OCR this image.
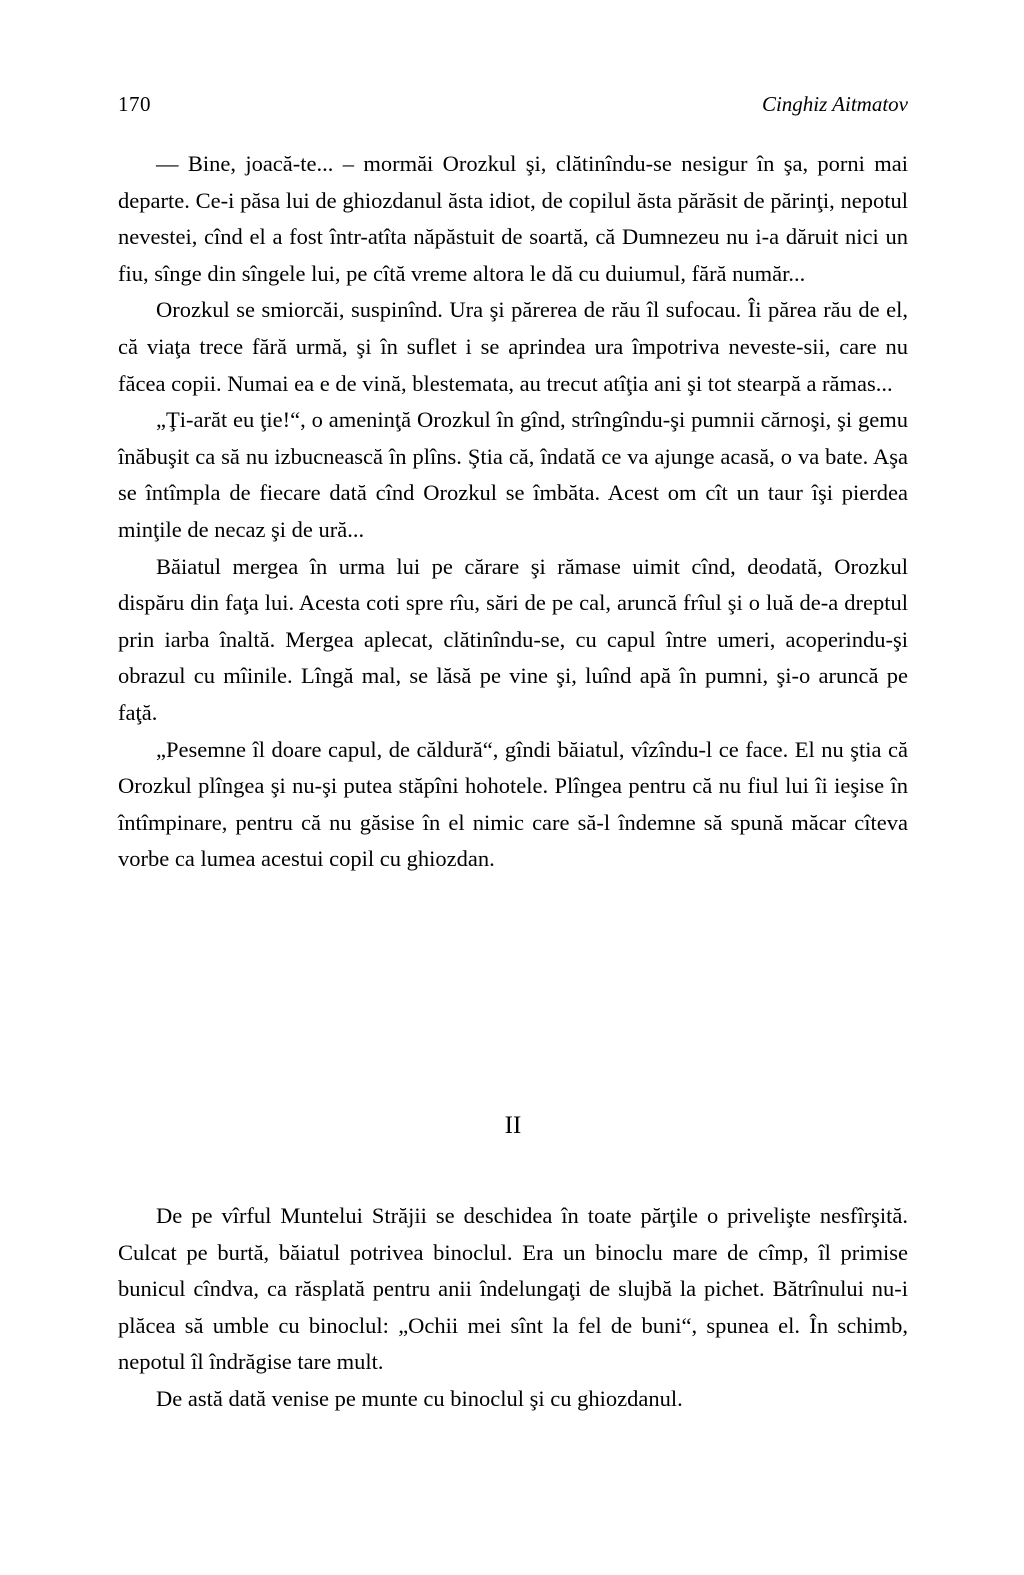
170	Cinghiz Aitmatov

— Bine, joacă-te... – mormăi Orozkul şi, clătinîndu-se nesigur în şa, porni mai departe. Ce-i păsa lui de ghiozdanul ăsta idiot, de copilul ăsta părăsit de părinţi, nepotul nevestei, cînd el a fost într-atîta năpăstuit de soartă, că Dumnezeu nu i-a dăruit nici un fiu, sînge din sîngele lui, pe cîtă vreme altora le dă cu duiumul, fără număr...

Orozkul se smiorcăi, suspinînd. Ura şi părerea de rău îl sufocau. Îi părea rău de el, că viaţa trece fără urmă, şi în suflet i se aprindea ura împotriva neveste-sii, care nu făcea copii. Numai ea e de vină, blestemata, au trecut atîţia ani şi tot stearpă a rămas...

„Ţi-arăt eu ţie!“, o ameninţă Orozkul în gînd, strîngîndu-şi pumnii cărnoşi, şi gemu înăbuşit ca să nu izbucnească în plîns. Ştia că, îndată ce va ajunge acasă, o va bate. Aşa se întîmpla de fiecare dată cînd Orozkul se îmbăta. Acest om cît un taur îşi pierdea minţile de necaz şi de ură...

Băiatul mergea în urma lui pe cărare şi rămase uimit cînd, deodată, Orozkul dispăru din faţa lui. Acesta coti spre rîu, sări de pe cal, aruncă frîul şi o luă de-a dreptul prin iarba înaltă. Mergea aplecat, clătinîndu-se, cu capul între umeri, acoperindu-şi obrazul cu mîinile. Lîngă mal, se lăsă pe vine şi, luînd apă în pumni, şi-o aruncă pe faţă.

„Pesemne îl doare capul, de căldură“, gîndi băiatul, vîzîndu-l ce face. El nu ştia că Orozkul plîngea şi nu-şi putea stăpîni hohotele. Plîngea pentru că nu fiul lui îi ieşise în întîmpinare, pentru că nu găsise în el nimic care să-l îndemne să spună măcar cîteva vorbe ca lumea acestui copil cu ghiozdan.

II

De pe vîrful Muntelui Străjii se deschidea în toate părţile o privelişte nesfîrşită. Culcat pe burtă, băiatul potrivea binoclul. Era un binoclu mare de cîmp, îl primise bunicul cîndva, ca răsplată pentru anii îndelungaţi de slujbă la pichet. Bătrînului nu-i plăcea să umble cu binoclul: „Ochii mei sînt la fel de buni“, spunea el. În schimb, nepotul îl îndrăgise tare mult.

De astă dată venise pe munte cu binoclul şi cu ghiozdanul.
